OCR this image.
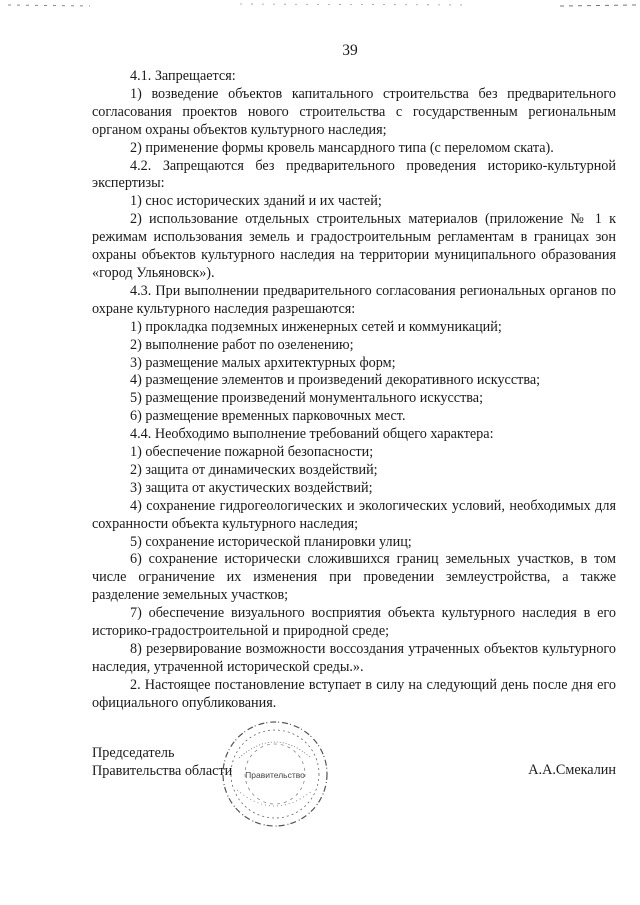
39

4.1. Запрещается:

1) возведение объектов капитального строительства без предварительного согласования проектов нового строительства с государственным региональным органом охраны объектов культурного наследия;

2) применение формы кровель мансардного типа (с переломом ската).

4.2. Запрещаются без предварительного проведения историко-культурной экспертизы:

1) снос исторических зданий и их частей;

2) использование отдельных строительных материалов (приложение № 1 к режимам использования земель и градостроительным регламентам в границах зон охраны объектов культурного наследия на территории муниципального образования «город Ульяновск»).

4.3. При выполнении предварительного согласования региональных органов по охране культурного наследия разрешаются:

1) прокладка подземных инженерных сетей и коммуникаций;

2) выполнение работ по озеленению;

3) размещение малых архитектурных форм;

4) размещение элементов и произведений декоративного искусства;

5) размещение произведений монументального искусства;

6) размещение временных парковочных мест.

4.4. Необходимо выполнение требований общего характера:

1) обеспечение пожарной безопасности;

2) защита от динамических воздействий;

3) защита от акустических воздействий;

4) сохранение гидрогеологических и экологических условий, необходимых для сохранности объекта культурного наследия;

5) сохранение исторической планировки улиц;

6) сохранение исторически сложившихся границ земельных участков, в том числе ограничение их изменения при проведении землеустройства, а также разделение земельных участков;

7) обеспечение визуального восприятия объекта культурного наследия в его историко-градостроительной и природной среде;

8) резервирование возможности воссоздания утраченных объектов культурного наследия, утраченной исторической среды.».

2. Настоящее постановление вступает в силу на следующий день после дня его официального опубликования.

Председатель
Правительства области	А.А.Смекалин
Правительство
